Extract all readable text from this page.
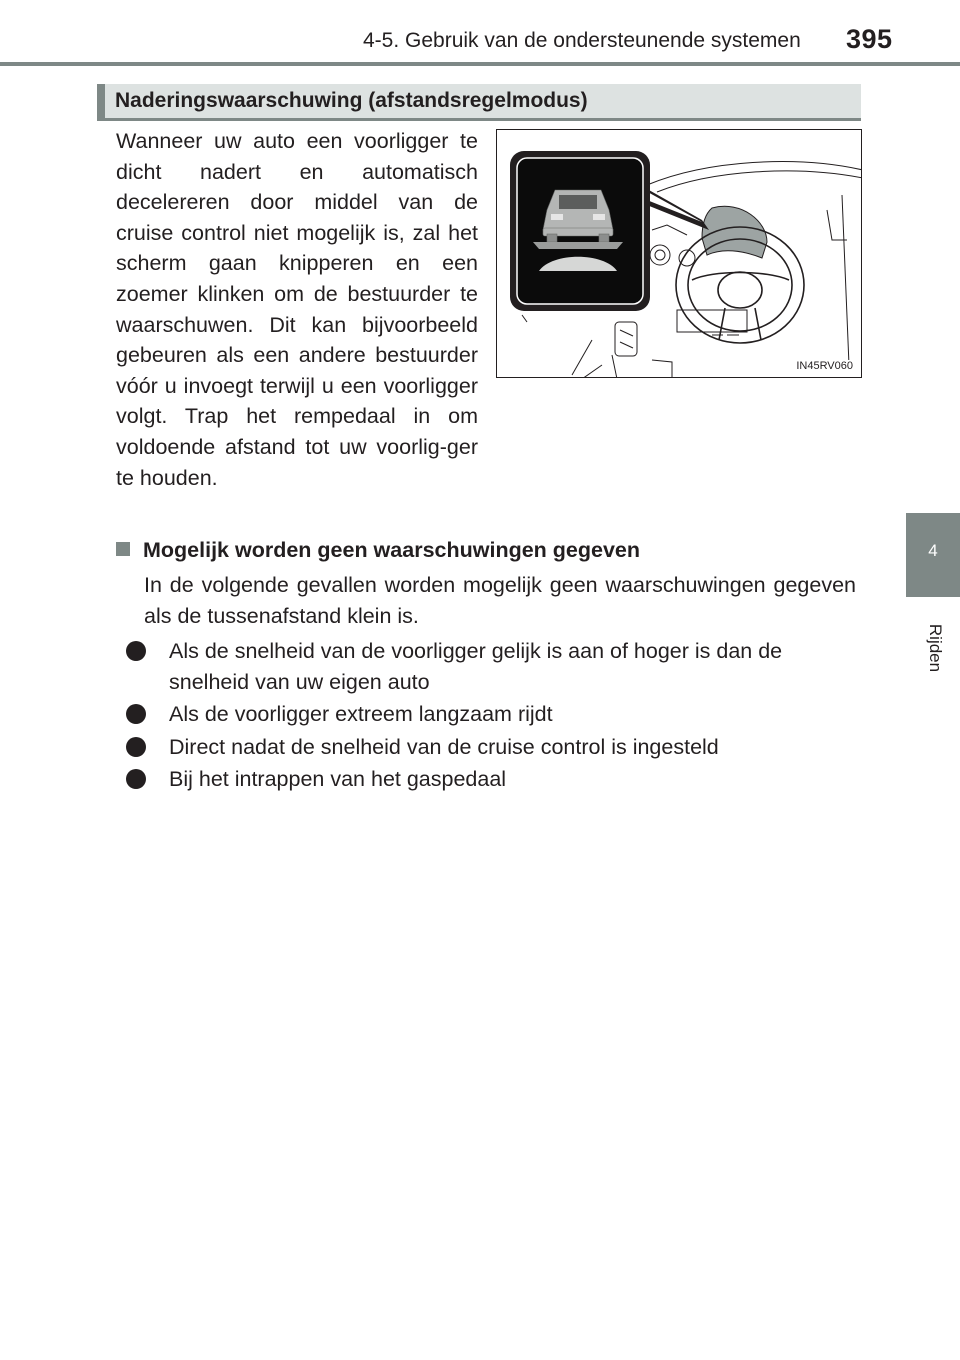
4-5. Gebruik van de ondersteunende systemen 395
4
Rijden
Naderingswaarschuwing (afstandsregelmodus)

Wanneer uw auto een voorligger te dicht nadert en automatisch decelereren door middel van de cruise control niet mogelijk is, zal het scherm gaan knipperen en een zoemer klinken om de bestuurder te waarschuwen. Dit kan bijvoorbeeld gebeuren als een andere bestuurder vóór u invoegt terwijl u een voorligger volgt. Trap het rempedaal in om voldoende afstand tot uw voorlig-ger te houden.

IN45RV060
Mogelijk worden geen waarschuwingen gegeven

In de volgende gevallen worden mogelijk geen waarschuwingen gegeven als de tussenafstand klein is.

Als de snelheid van de voorligger gelijk is aan of hoger is dan de snelheid van uw eigen auto
Als de voorligger extreem langzaam rijdt
Direct nadat de snelheid van de cruise control is ingesteld
Bij het intrappen van het gaspedaal
